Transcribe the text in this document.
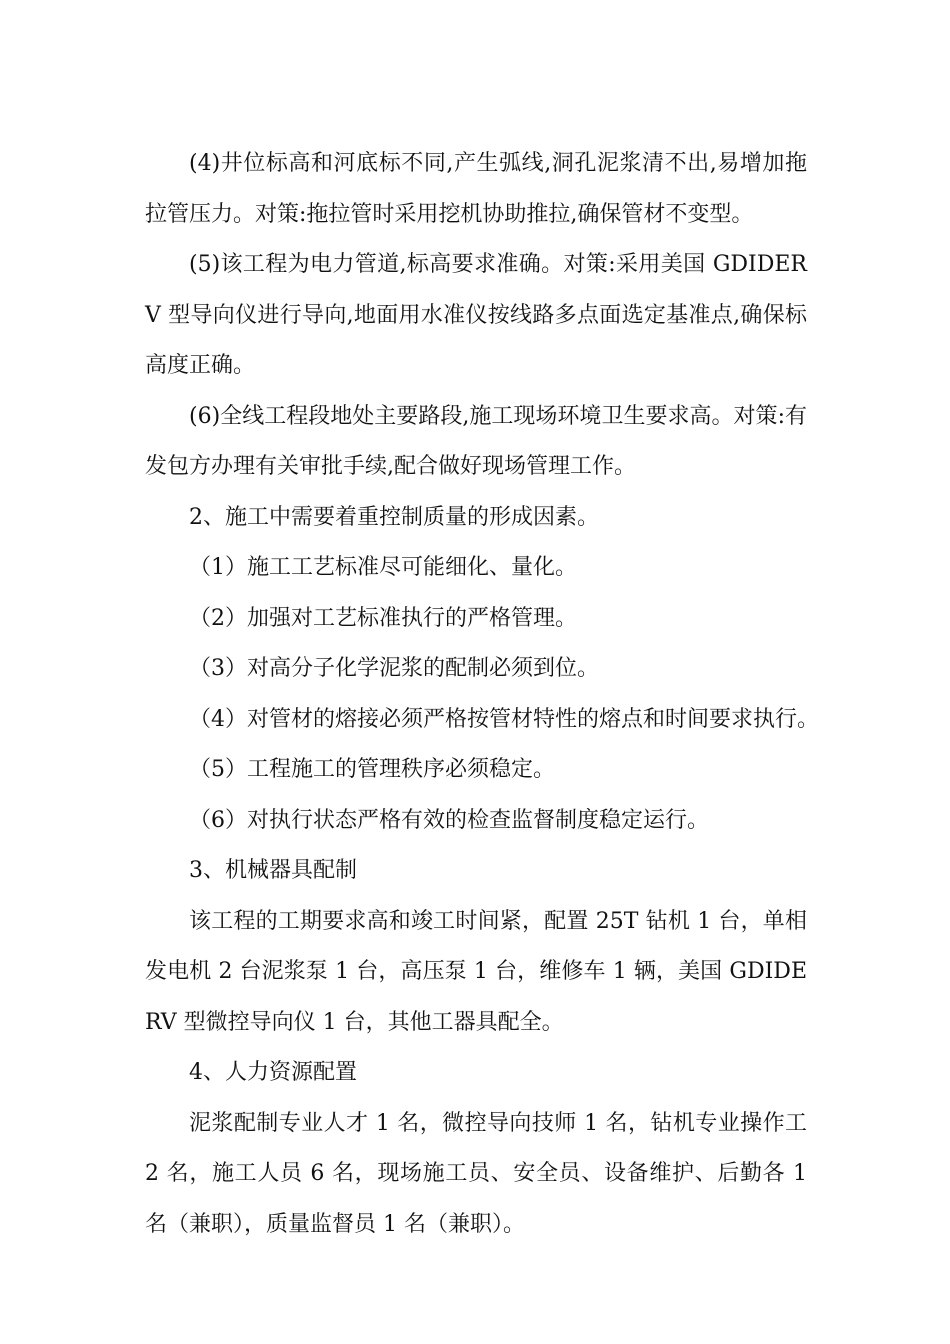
(4)井位标高和河底标不同,产生弧线,洞孔泥浆清不出,易增加拖拉管压力。对策:拖拉管时采用挖机协助推拉,确保管材不变型。

(5)该工程为电力管道,标高要求准确。对策:采用美国 GDIDERV 型导向仪进行导向,地面用水准仪按线路多点面选定基准点,确保标高度正确。

(6)全线工程段地处主要路段,施工现场环境卫生要求高。对策:有发包方办理有关审批手续,配合做好现场管理工作。

2、施工中需要着重控制质量的形成因素。

（1）施工工艺标准尽可能细化、量化。

（2）加强对工艺标准执行的严格管理。

（3）对高分子化学泥浆的配制必须到位。

（4）对管材的熔接必须严格按管材特性的熔点和时间要求执行。

（5）工程施工的管理秩序必须稳定。

（6）对执行状态严格有效的检查监督制度稳定运行。

3、机械器具配制

该工程的工期要求高和竣工时间紧，配置 25T 钻机 1 台，单相发电机 2 台泥浆泵 1 台，高压泵 1 台，维修车 1 辆，美国 GDIDERV 型微控导向仪 1 台，其他工器具配全。

4、人力资源配置

泥浆配制专业人才 1 名，微控导向技师 1 名，钻机专业操作工 2 名，施工人员 6 名，现场施工员、安全员、设备维护、后勤各 1 名（兼职），质量监督员 1 名（兼职）。
